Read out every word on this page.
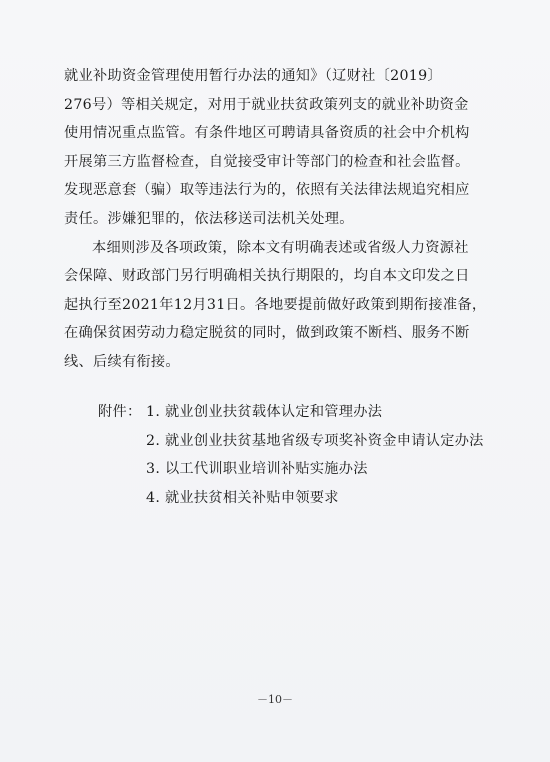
就业补助资金管理使用暂行办法的通知》（辽财社〔2019〕
276号）等相关规定，对用于就业扶贫政策列支的就业补助资金
使用情况重点监管。有条件地区可聘请具备资质的社会中介机构
开展第三方监督检查，自觉接受审计等部门的检查和社会监督。
发现恶意套（骗）取等违法行为的，依照有关法律法规追究相应
责任。涉嫌犯罪的，依法移送司法机关处理。
本细则涉及各项政策，除本文有明确表述或省级人力资源社
会保障、财政部门另行明确相关执行期限的，均自本文印发之日
起执行至2021年12月31日。各地要提前做好政策到期衔接准备，
在确保贫困劳动力稳定脱贫的同时，做到政策不断档、服务不断
线、后续有衔接。
附件： 1. 就业创业扶贫载体认定和管理办法
2. 就业创业扶贫基地省级专项奖补资金申请认定办法
3. 以工代训职业培训补贴实施办法
4. 就业扶贫相关补贴申领要求
－10－
